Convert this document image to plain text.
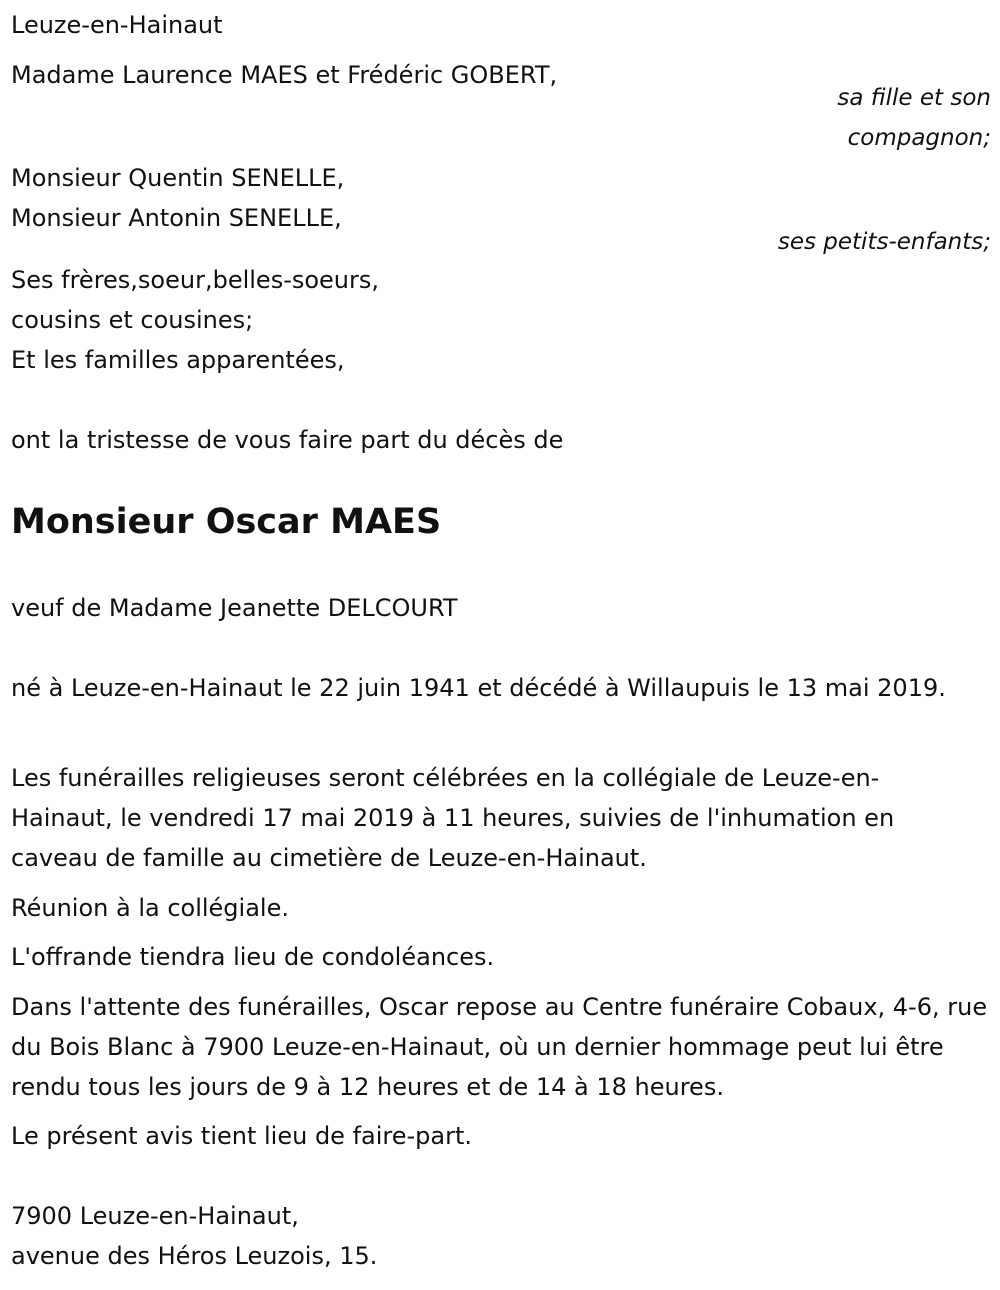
Leuze-en-Hainaut
Madame Laurence MAES et Frédéric GOBERT,
sa fille et son
compagnon;
Monsieur Quentin SENELLE,
Monsieur Antonin SENELLE,
ses petits-enfants;
Ses frères,soeur,belles-soeurs,
cousins et cousines;
Et les familles apparentées,
ont la tristesse de vous faire part du décès de
Monsieur Oscar MAES
veuf de Madame Jeanette DELCOURT
né à Leuze-en-Hainaut le 22 juin 1941 et décédé à Willaupuis le 13 mai 2019.
Les funérailles religieuses seront célébrées en la collégiale de Leuze-en-Hainaut, le vendredi 17 mai 2019 à 11 heures, suivies de l'inhumation en caveau de famille au cimetière de Leuze-en-Hainaut.
Réunion à la collégiale.
L'offrande tiendra lieu de condoléances.
Dans l'attente des funérailles, Oscar repose au Centre funéraire Cobaux, 4-6, rue du Bois Blanc à 7900 Leuze-en-Hainaut, où un dernier hommage peut lui être rendu tous les jours de 9 à 12 heures et de 14 à 18 heures.
Le présent avis tient lieu de faire-part.
7900 Leuze-en-Hainaut,
avenue des Héros Leuzois, 15.
